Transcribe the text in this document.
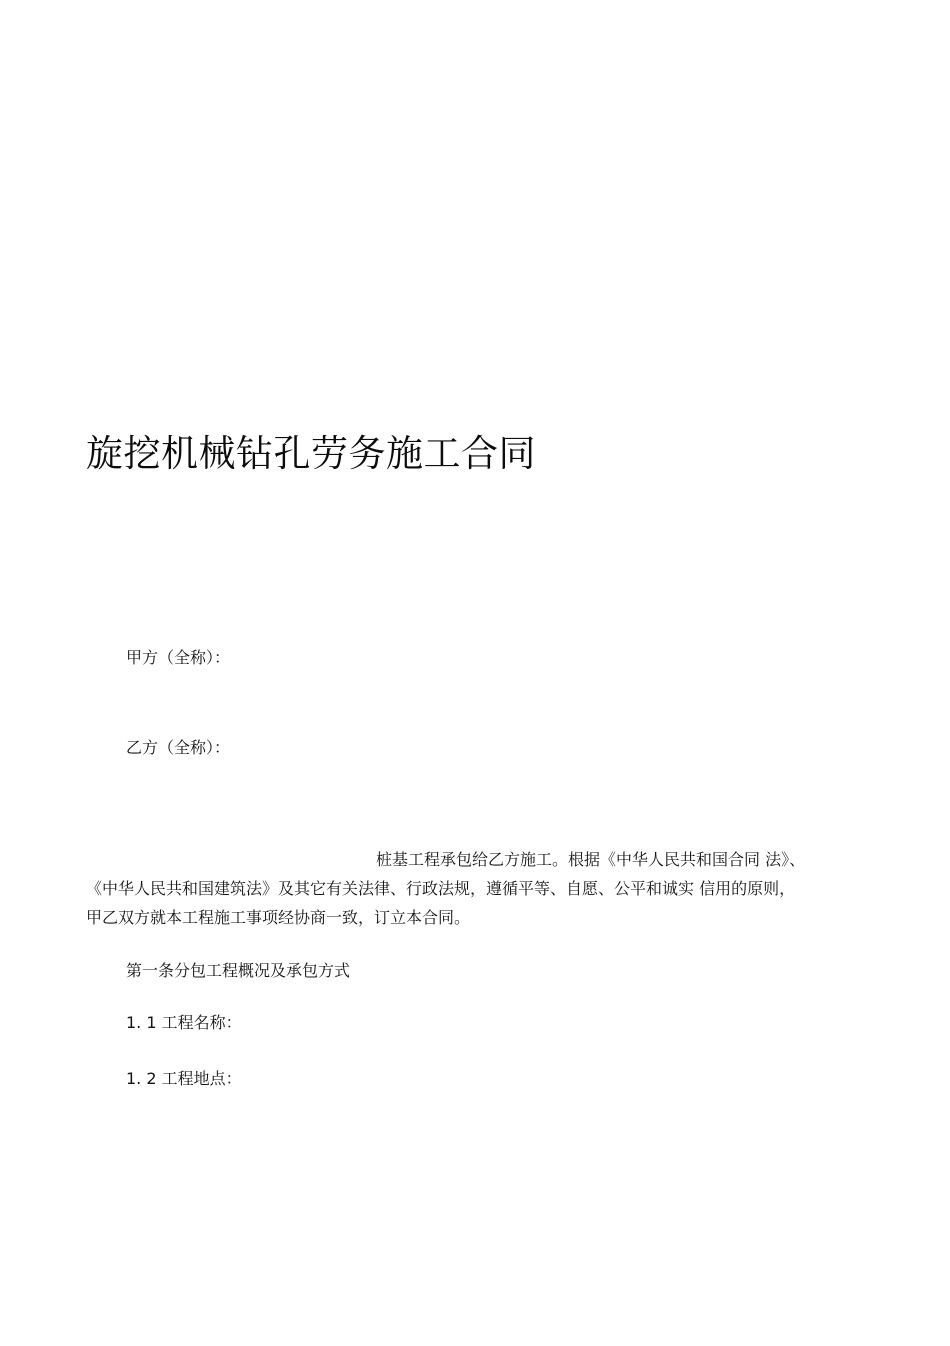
旋挖机械钻孔劳务施工合同
甲方（全称）：
乙方（全称）：
桩基工程承包给乙方施工。根据《中华人民共和国合同 法》、
《中华人民共和国建筑法》及其它有关法律、行政法规，遵循平等、自愿、公平和诚实 信用的原则，
甲乙双方就本工程施工事项经协商一致，订立本合同。
第一条分包工程概况及承包方式
1. 1 工程名称：
1. 2 工程地点：
